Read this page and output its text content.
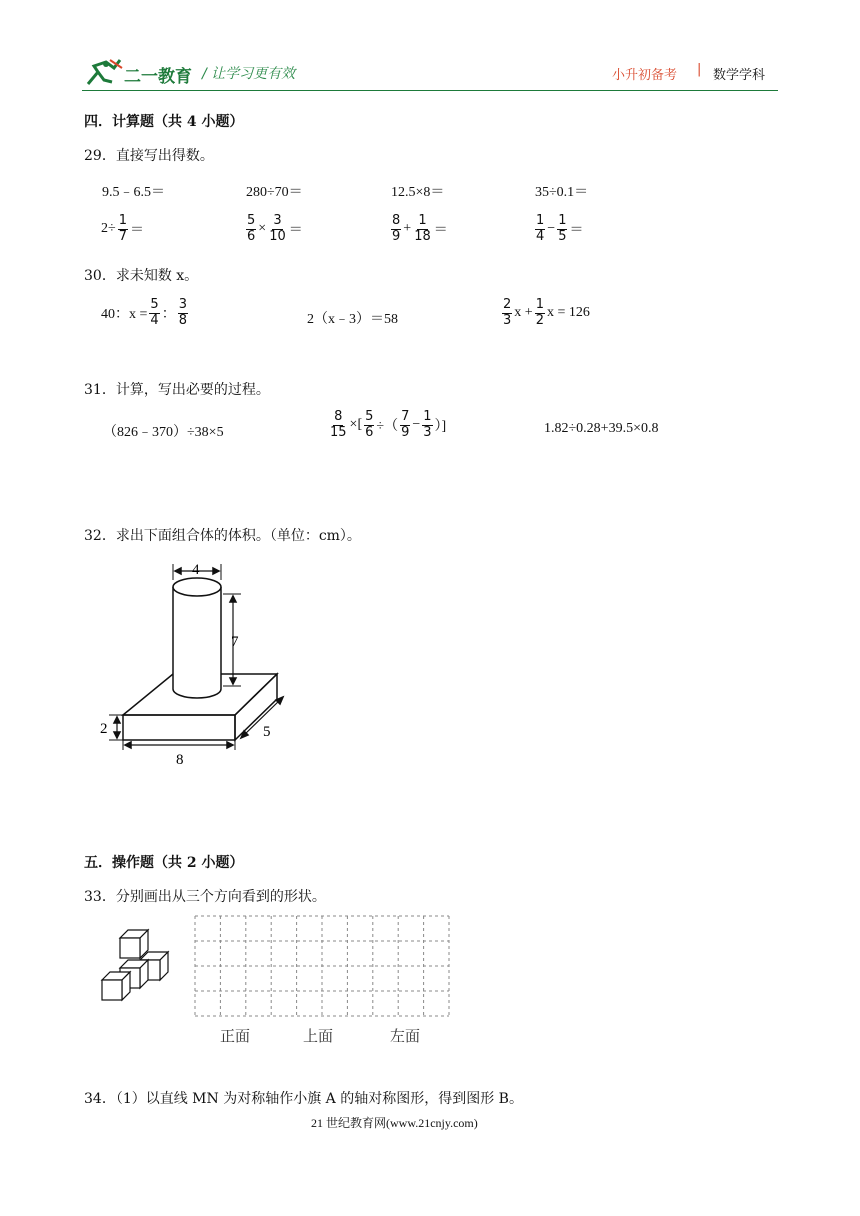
二一教育 / 让学习更有效	小升初备考 | 数学学科
四．计算题（共 4 小题）
29．直接写出得数。
9.5﹣6.5＝	280÷70＝	12.5×8＝	35÷0.1＝
$2\div \frac{1}{7}$ ＝	$\frac{5}{6} \times \frac{3}{10}$ ＝	$\frac{8}{9} + \frac{1}{18}$ ＝	$\frac{1}{4} - \frac{1}{5}$ ＝
30．求未知数 x。
40：$x = \frac{5}{4}$ ： $\frac{3}{8}$	2（x﹣3）＝58	$\frac{2}{3}$ $x + \frac{1}{2}$ x = 126
31．计算，写出必要的过程。
（826﹣370）÷38×5	$\frac{8}{15}$ ×[ $\frac{5}{6}$ ÷（ $\frac{7}{9} - \frac{1}{3}$ ）]	1.82÷0.28+39.5×0.8
32．求出下面组合体的体积。（单位：cm）。
4
7
2
8
5
五．操作题（共 2 小题）
33．分别画出从三个方向看到的形状。
正面	上面	左面
34．（1）以直线 MN 为对称轴作小旗 A 的轴对称图形，得到图形 B。
21 世纪教育网(www.21cnjy.com)
